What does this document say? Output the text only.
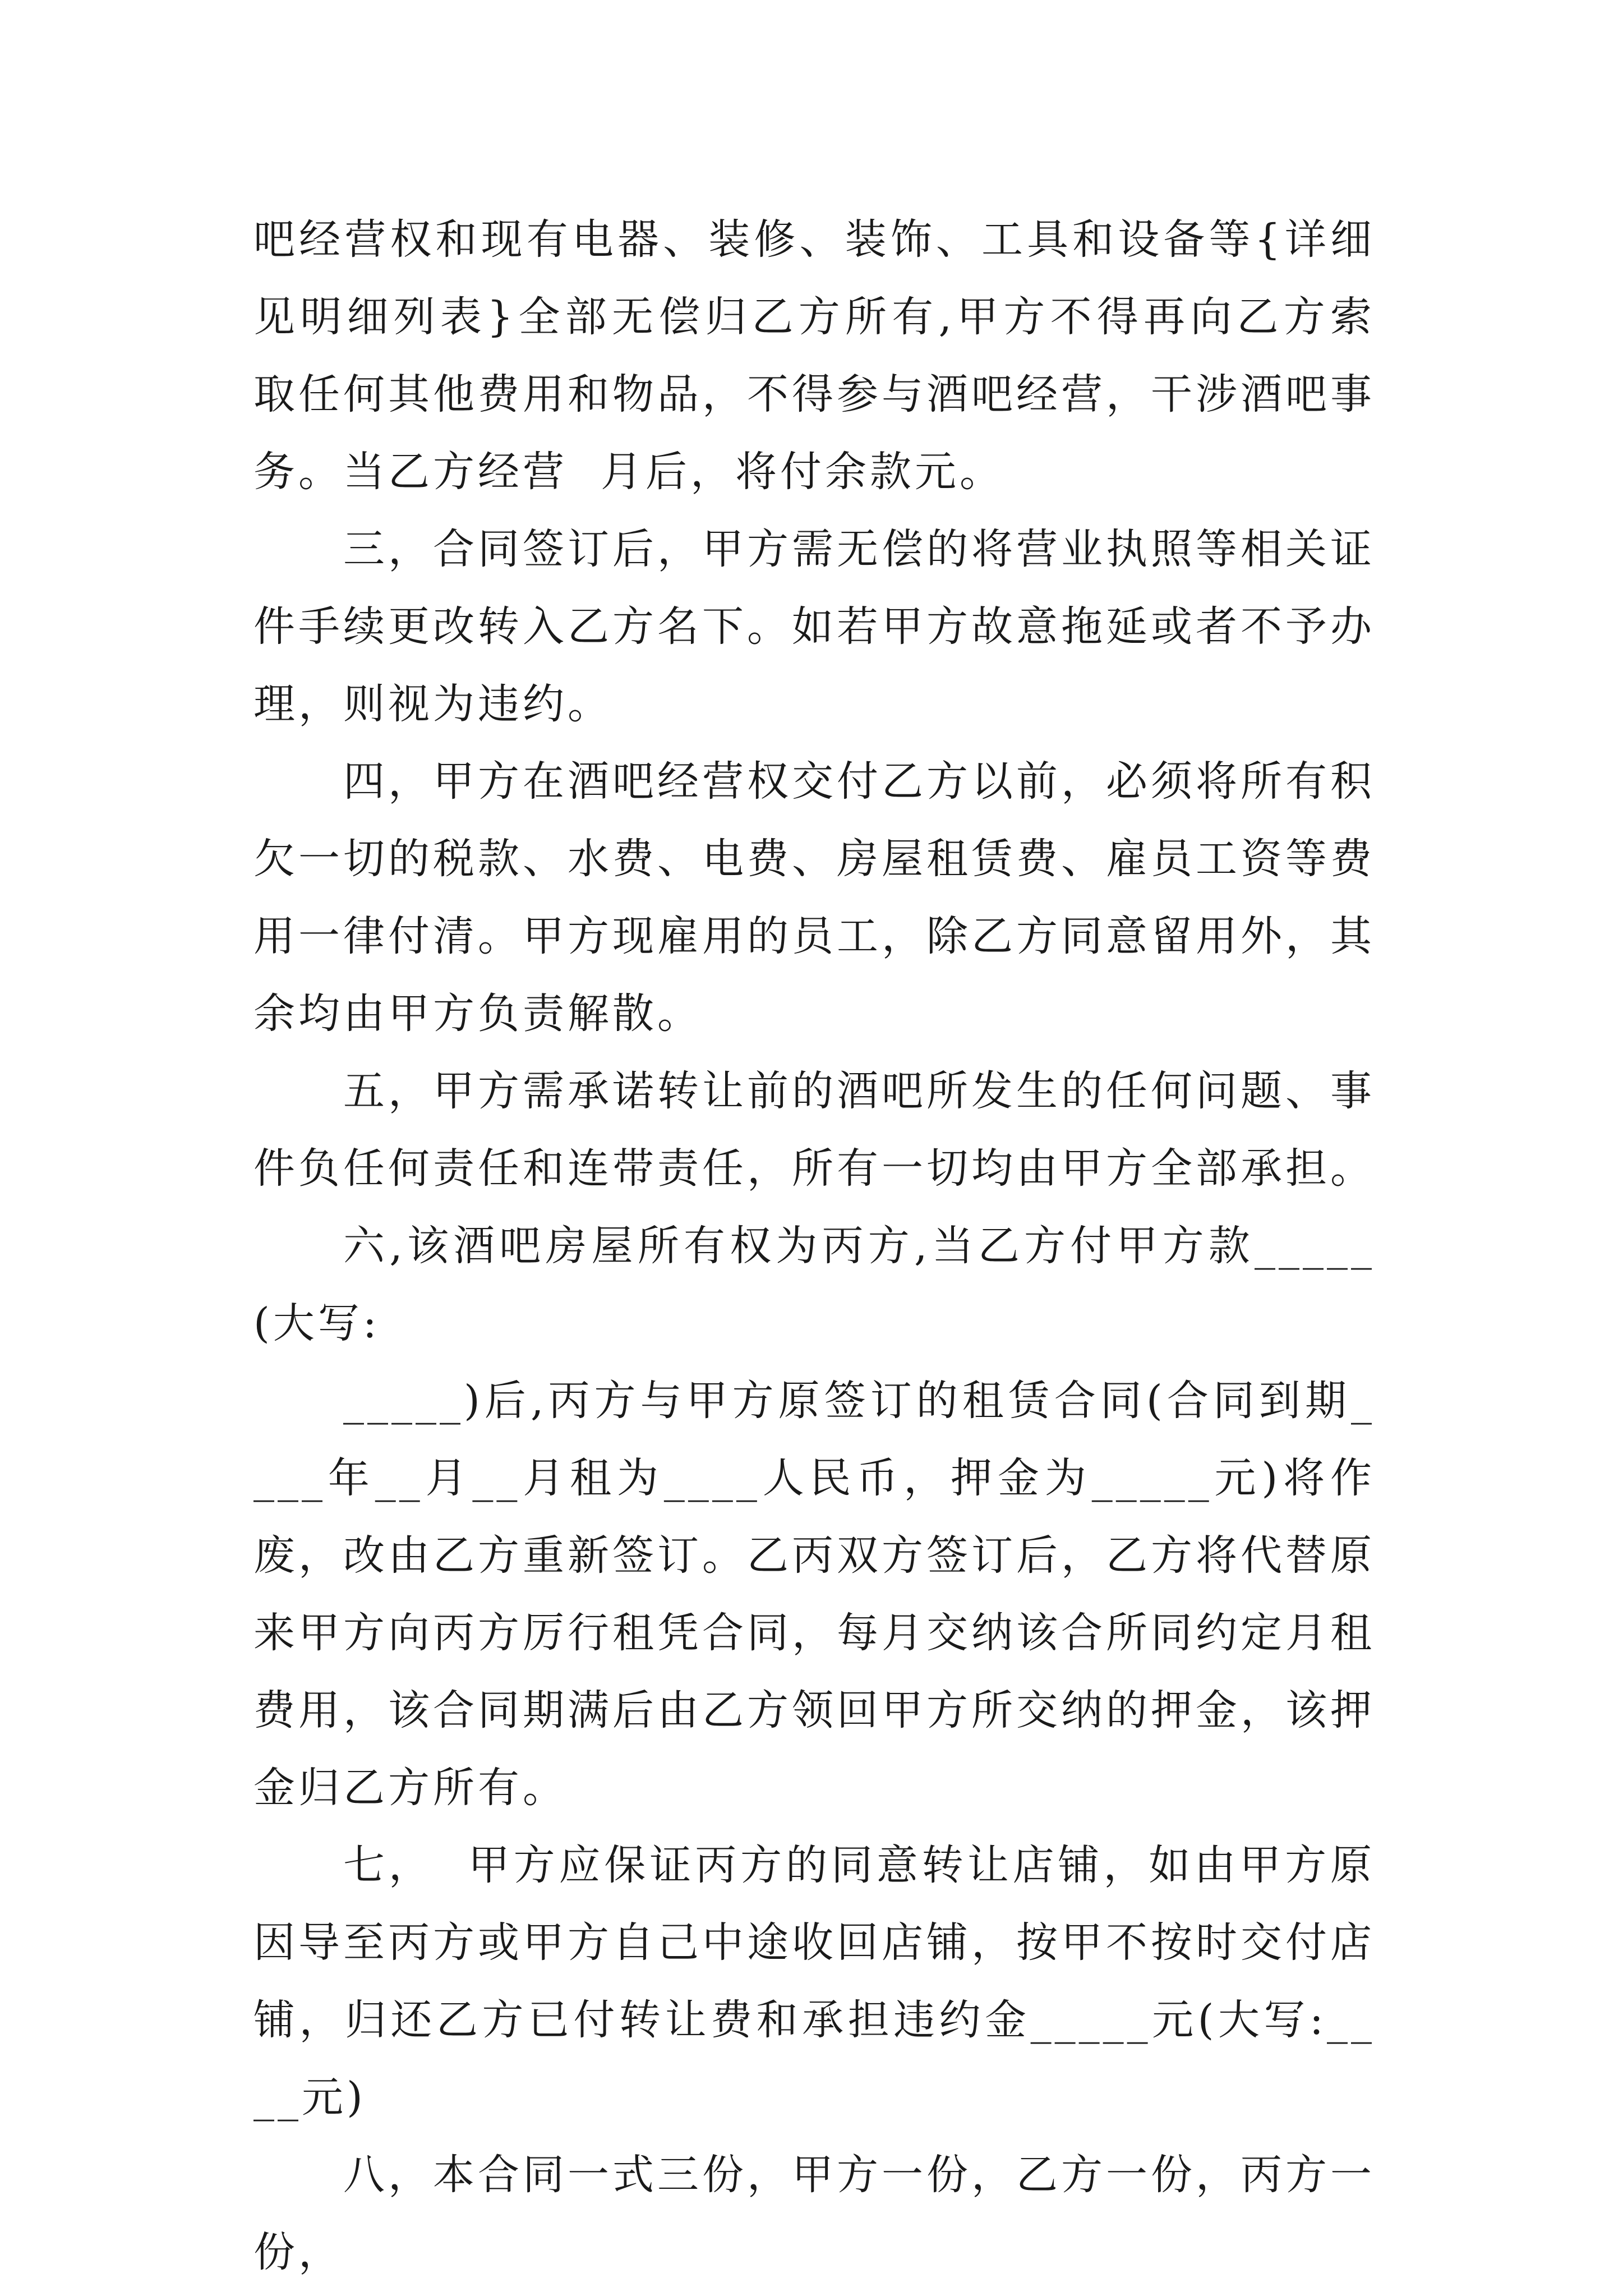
吧经营权和现有电器、装修、装饰、工具和设备等{详细见明细列表}全部无偿归乙方所有,甲方不得再向乙方索取任何其他费用和物品，不得参与酒吧经营，干涉酒吧事务。当乙方经营  月后，将付余款元。

三，合同签订后，甲方需无偿的将营业执照等相关证件手续更改转入乙方名下。如若甲方故意拖延或者不予办理，则视为违约。

四，甲方在酒吧经营权交付乙方以前，必须将所有积欠一切的税款、水费、电费、房屋租赁费、雇员工资等费用一律付清。甲方现雇用的员工，除乙方同意留用外，其余均由甲方负责解散。

五，甲方需承诺转让前的酒吧所发生的任何问题、事件负任何责任和连带责任，所有一切均由甲方全部承担。

六,该酒吧房屋所有权为丙方,当乙方付甲方款_____(大写:

_____)后,丙方与甲方原签订的租赁合同(合同到期____年__月__月租为____人民币，押金为_____元)将作废，改由乙方重新签订。乙丙双方签订后，乙方将代替原来甲方向丙方厉行租凭合同，每月交纳该合所同约定月租费用，该合同期满后由乙方领回甲方所交纳的押金，该押金归乙方所有。

七，  甲方应保证丙方的同意转让店铺，如由甲方原因导至丙方或甲方自己中途收回店铺，按甲不按时交付店铺，归还乙方已付转让费和承担违约金_____元(大写:____元)

八，本合同一式三份，甲方一份，乙方一份，丙方一份，
